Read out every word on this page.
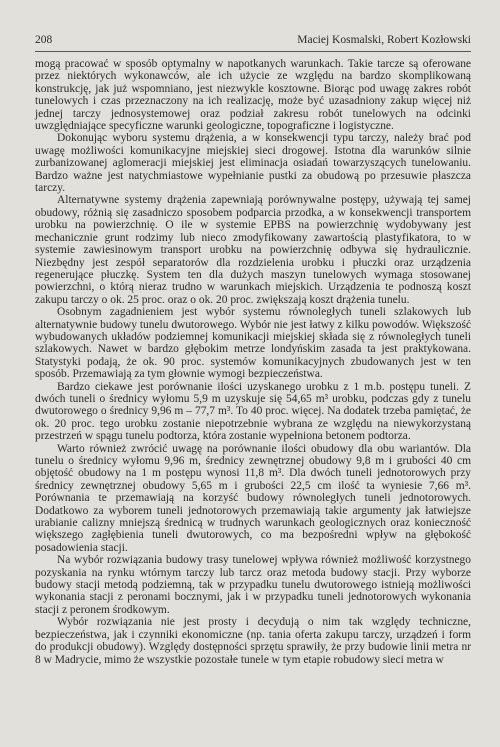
208	Maciej Kosmalski, Robert Kozłowski

mogą pracować w sposób optymalny w napotkanych warunkach. Takie tarcze są oferowane przez niektórych wykonawców, ale ich użycie ze względu na bardzo skomplikowaną konstrukcję, jak już wspomniano, jest niezwykle kosztowne. Biorąc pod uwagę zakres robót tunelowych i czas przeznaczony na ich realizację, może być uzasadniony zakup więcej niż jednej tarczy jednosystemowej oraz podział zakresu robót tunelowych na odcinki uwzględniające specyficzne warunki geologiczne, topograficzne i logistyczne.

Dokonując wyboru systemu drążenia, a w konsekwencji typu tarczy, należy brać pod uwagę możliwości komunikacyjne miejskiej sieci drogowej. Istotna dla warunków silnie zurbanizowanej aglomeracji miejskiej jest eliminacja osiadań towarzyszących tunelowaniu. Bardzo ważne jest natychmiastowe wypełnianie pustki za obudową po przesuwie płaszcza tarczy.

Alternatywne systemy drążenia zapewniają porównywalne postępy, używają tej samej obudowy, różnią się zasadniczo sposobem podparcia przodka, a w konsekwencji transportem urobku na powierzchnię. O ile w systemie EPBS na powierzchnię wydobywany jest mechanicznie grunt rodzimy lub nieco zmodyfikowany zawartością plastyfikatora, to w systemie zawiesinowym transport urobku na powierzchnię odbywa się hydraulicznie. Niezbędny jest zespół separatorów dla rozdzielenia urobku i płuczki oraz urządzenia regenerujące płuczkę. System ten dla dużych maszyn tunelowych wymaga stosowanej powierzchni, o którą nieraz trudno w warunkach miejskich. Urządzenia te podnoszą koszt zakupu tarczy o ok. 25 proc. oraz o ok. 20 proc. zwiększają koszt drążenia tunelu.

Osobnym zagadnieniem jest wybór systemu równoległych tuneli szlakowych lub alternatywnie budowy tunelu dwutorowego. Wybór nie jest łatwy z kilku powodów. Większość wybudowanych układów podziemnej komunikacji miejskiej składa się z równoległych tuneli szlakowych. Nawet w bardzo głębokim metrze londyńskim zasada ta jest praktykowana. Statystyki podają, że ok. 90 proc. systemów komunikacyjnych zbudowanych jest w ten sposób. Przemawiają za tym głownie wymogi bezpieczeństwa.

Bardzo ciekawe jest porównanie ilości uzyskanego urobku z 1 m.b. postępu tuneli. Z dwóch tuneli o średnicy wyłomu 5,9 m uzyskuje się 54,65 m³ urobku, podczas gdy z tunelu dwutorowego o średnicy 9,96 m – 77,7 m³. To 40 proc. więcej. Na dodatek trzeba pamiętać, że ok. 20 proc. tego urobku zostanie niepotrzebnie wybrana ze względu na niewykorzystaną przestrzeń w spągu tunelu podtorza, która zostanie wypełniona betonem podtorza.

Warto również zwrócić uwagę na porównanie ilości obudowy dla obu wariantów. Dla tunelu o średnicy wyłomu 9,96 m, średnicy zewnętrznej obudowy 9,8 m i grubości 40 cm objętość obudowy na 1 m postępu wynosi 11,8 m³. Dla dwóch tuneli jednotorowych przy średnicy zewnętrznej obudowy 5,65 m i grubości 22,5 cm ilość ta wyniesie 7,66 m³. Porównania te przemawiają na korzyść budowy równoległych tuneli jednotorowych. Dodatkowo za wyborem tuneli jednotorowych przemawiają takie argumenty jak łatwiejsze urabianie calizny mniejszą średnicą w trudnych warunkach geologicznych oraz konieczność większego zagłębienia tuneli dwutorowych, co ma bezpośredni wpływ na głębokość posadowienia stacji.

Na wybór rozwiązania budowy trasy tunelowej wpływa również możliwość korzystnego pozyskania na rynku wtórnym tarczy lub tarcz oraz metoda budowy stacji. Przy wyborze budowy stacji metodą podziemną, tak w przypadku tunelu dwutorowego istnieją możliwości wykonania stacji z peronami bocznymi, jak i w przypadku tuneli jednotorowych wykonania stacji z peronem środkowym.

Wybór rozwiązania nie jest prosty i decydują o nim tak względy techniczne, bezpieczeństwa, jak i czynniki ekonomiczne (np. tania oferta zakupu tarczy, urządzeń i form do produkcji obudowy). Względy dostępności sprzętu sprawiły, że przy budowie linii metra nr 8 w Madrycie, mimo że wszystkie pozostałe tunele w tym etapie robudowy sieci metra w
